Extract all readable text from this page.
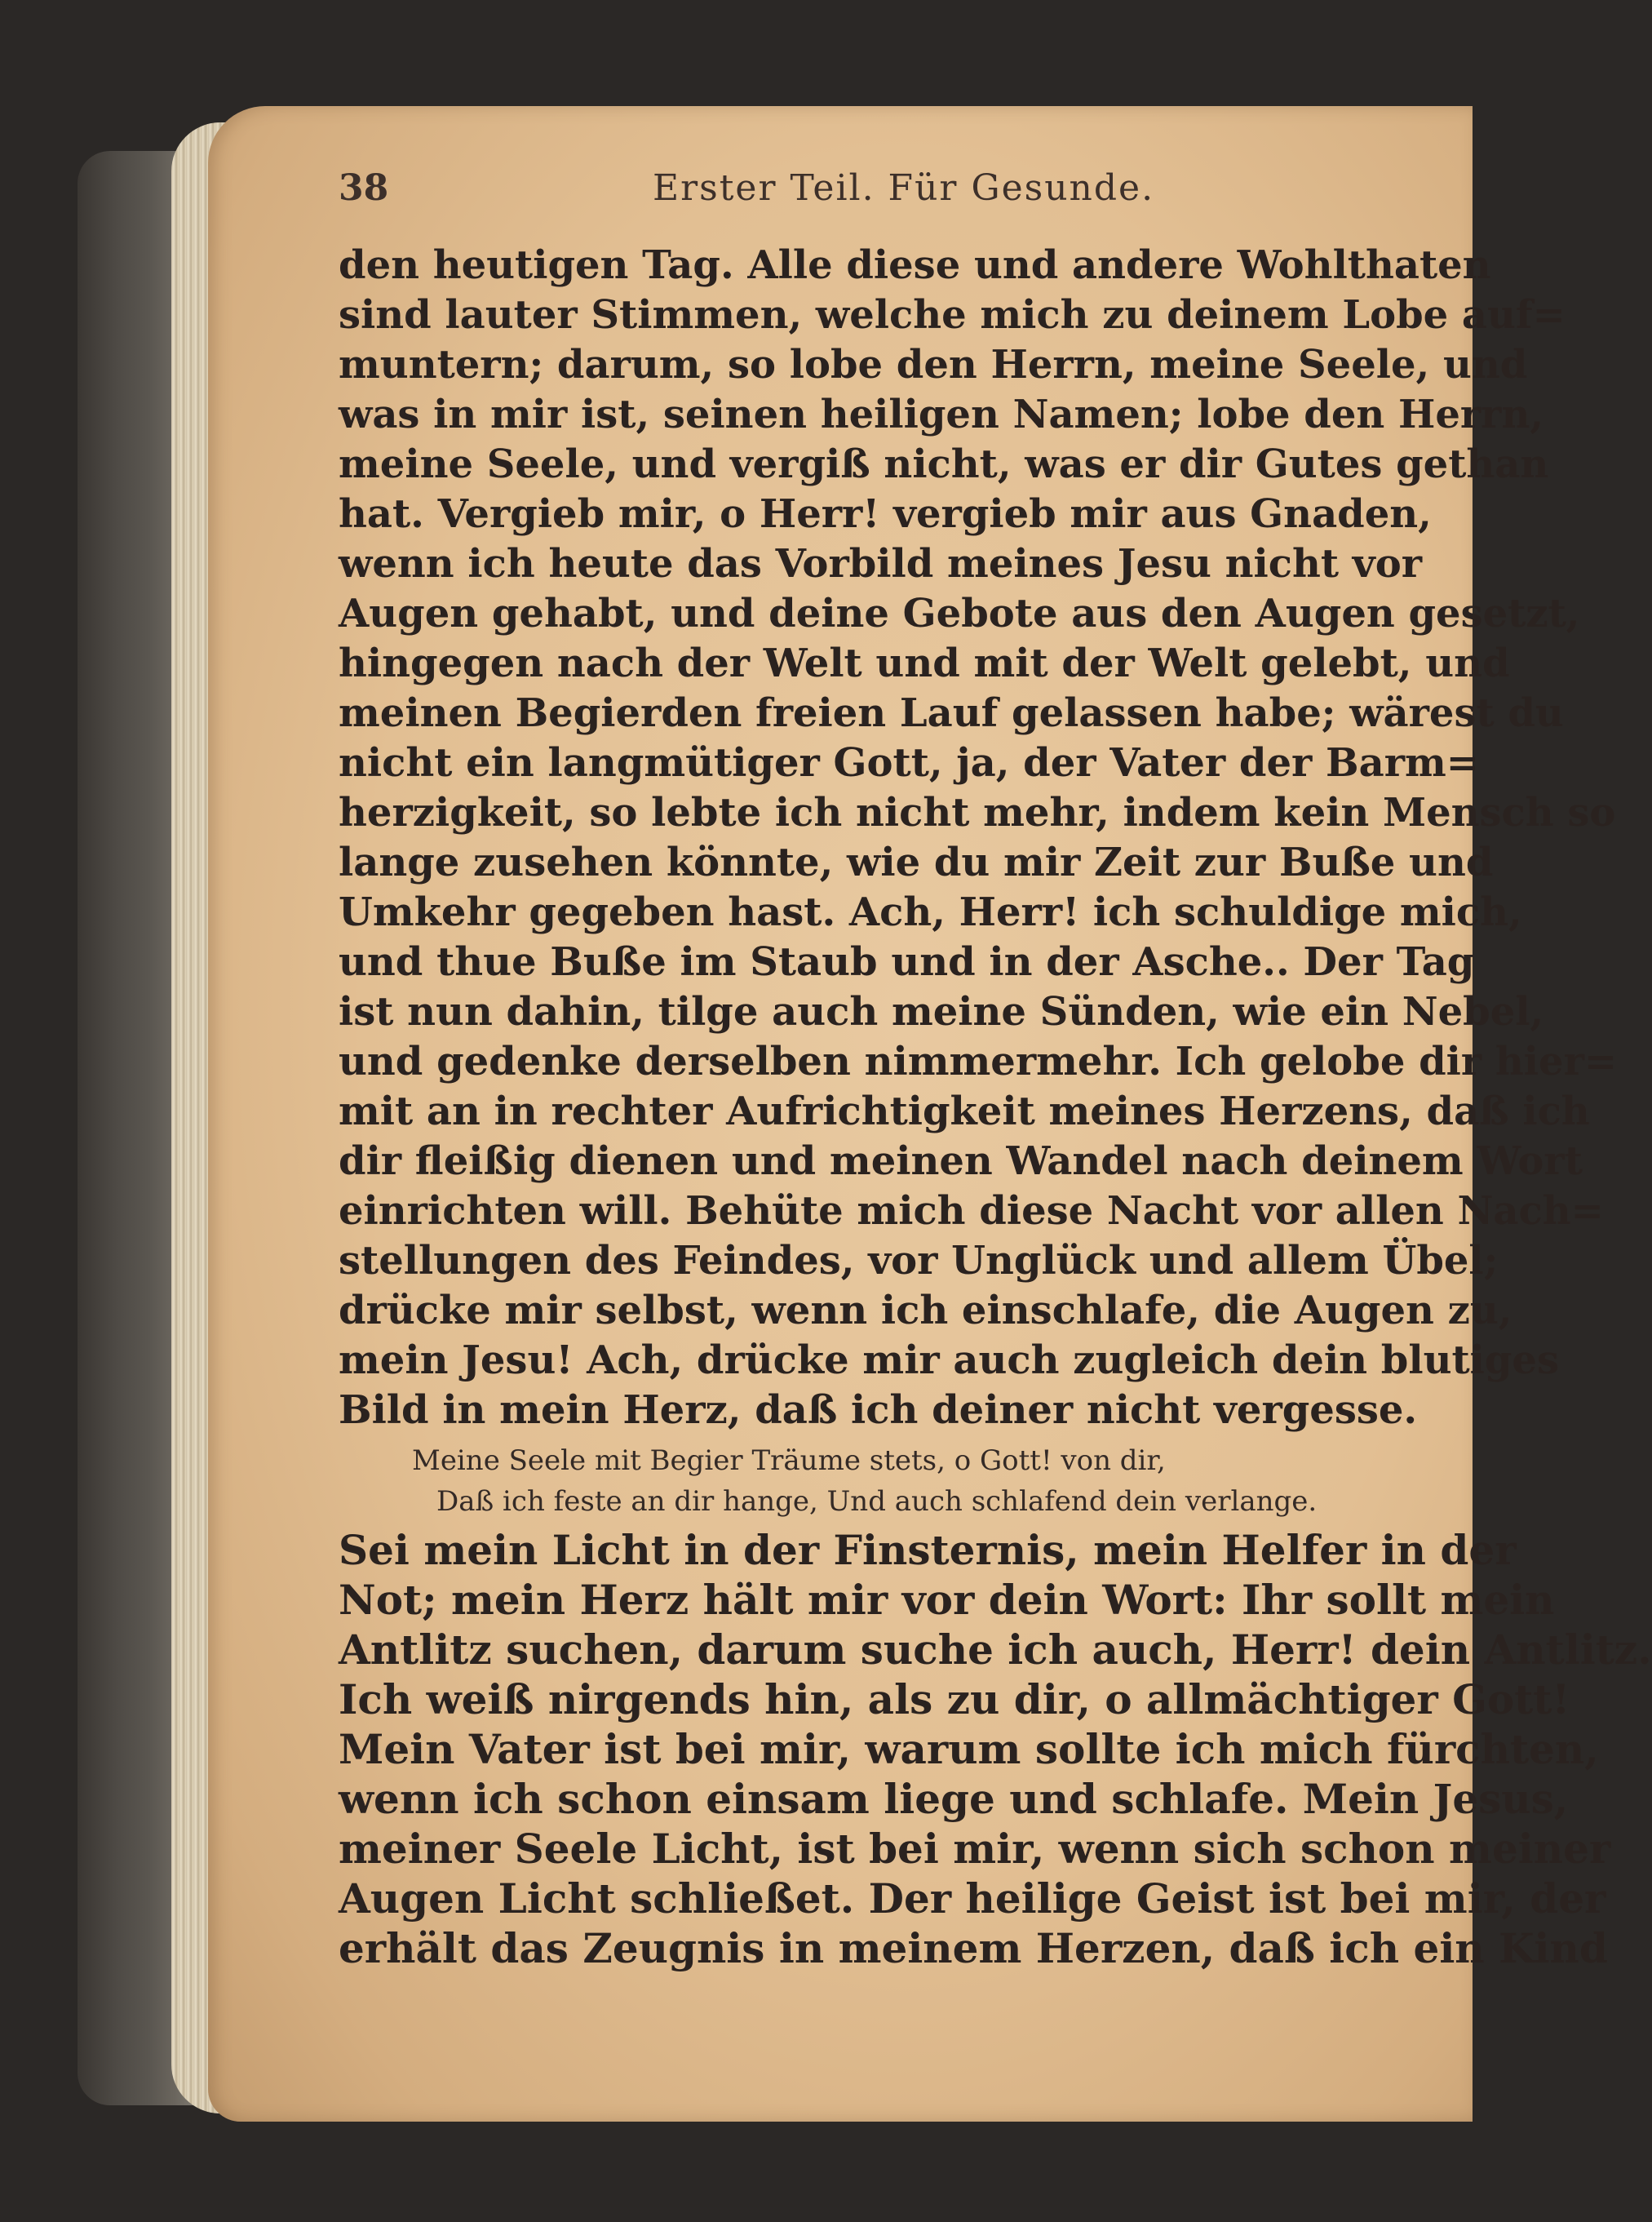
38	Erster Teil. Für Gesunde.
den heutigen Tag. Alle diese und andere Wohlthaten
sind lauter Stimmen, welche mich zu deinem Lobe auf=
muntern; darum, so lobe den Herrn, meine Seele, und
was in mir ist, seinen heiligen Namen; lobe den Herrn,
meine Seele, und vergiß nicht, was er dir Gutes gethan
hat. Vergieb mir, o Herr! vergieb mir aus Gnaden,
wenn ich heute das Vorbild meines Jesu nicht vor
Augen gehabt, und deine Gebote aus den Augen gesetzt,
hingegen nach der Welt und mit der Welt gelebt, und
meinen Begierden freien Lauf gelassen habe; wärest du
nicht ein langmütiger Gott, ja, der Vater der Barm=
herzigkeit, so lebte ich nicht mehr, indem kein Mensch so
lange zusehen könnte, wie du mir Zeit zur Buße und
Umkehr gegeben hast. Ach, Herr! ich schuldige mich,
und thue Buße im Staub und in der Asche.. Der Tag
ist nun dahin, tilge auch meine Sünden, wie ein Nebel,
und gedenke derselben nimmermehr. Ich gelobe dir hier=
mit an in rechter Aufrichtigkeit meines Herzens, daß ich
dir fleißig dienen und meinen Wandel nach deinem Wort
einrichten will. Behüte mich diese Nacht vor allen Nach=
stellungen des Feindes, vor Unglück und allem Übel;
drücke mir selbst, wenn ich einschlafe, die Augen zu,
mein Jesu! Ach, drücke mir auch zugleich dein blutiges
Bild in mein Herz, daß ich deiner nicht vergesse.
Meine Seele mit Begier Träume stets, o Gott! von dir,
Daß ich feste an dir hange, Und auch schlafend dein verlange.
Sei mein Licht in der Finsternis, mein Helfer in der
Not; mein Herz hält mir vor dein Wort: Ihr sollt mein
Antlitz suchen, darum suche ich auch, Herr! dein Antlitz.
Ich weiß nirgends hin, als zu dir, o allmächtiger Gott!
Mein Vater ist bei mir, warum sollte ich mich fürchten,
wenn ich schon einsam liege und schlafe. Mein Jesus,
meiner Seele Licht, ist bei mir, wenn sich schon meiner
Augen Licht schließet. Der heilige Geist ist bei mir, der
erhält das Zeugnis in meinem Herzen, daß ich ein Kind
